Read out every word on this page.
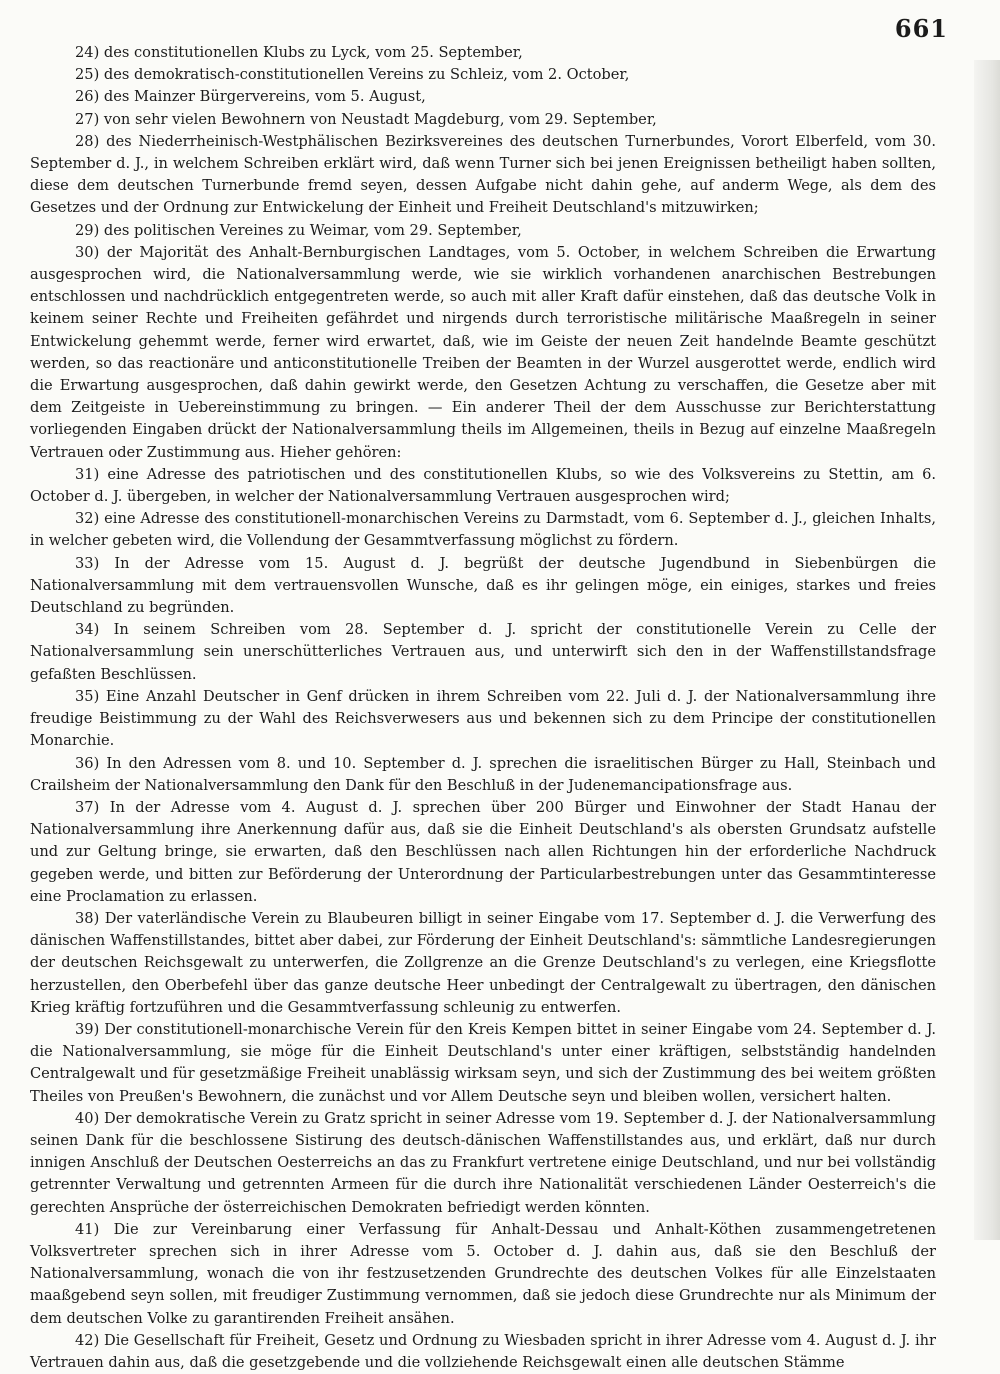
661

24) des constitutionellen Klubs zu Lyck, vom 25. September,

25) des demokratisch-constitutionellen Vereins zu Schleiz, vom 2. October,

26) des Mainzer Bürgervereins, vom 5. August,

27) von sehr vielen Bewohnern von Neustadt Magdeburg, vom 29. September,

28) des Niederrheinisch-Westphälischen Bezirksvereines des deutschen Turnerbundes, Vorort Elberfeld, vom 30. September d. J., in welchem Schreiben erklärt wird, daß wenn Turner sich bei jenen Ereignissen betheiligt haben sollten, diese dem deutschen Turnerbunde fremd seyen, dessen Aufgabe nicht dahin gehe, auf anderm Wege, als dem des Gesetzes und der Ordnung zur Entwickelung der Einheit und Freiheit Deutschland's mitzuwirken;

29) des politischen Vereines zu Weimar, vom 29. September,

30) der Majorität des Anhalt-Bernburgischen Landtages, vom 5. October, in welchem Schreiben die Erwartung ausgesprochen wird, die Nationalversammlung werde, wie sie wirklich vorhandenen anarchischen Bestrebungen entschlossen und nachdrücklich entgegentreten werde, so auch mit aller Kraft dafür einstehen, daß das deutsche Volk in keinem seiner Rechte und Freiheiten gefährdet und nirgends durch terroristische militärische Maaßregeln in seiner Entwickelung gehemmt werde, ferner wird erwartet, daß, wie im Geiste der neuen Zeit handelnde Beamte geschützt werden, so das reactionäre und anticonstitutionelle Treiben der Beamten in der Wurzel ausgerottet werde, endlich wird die Erwartung ausgesprochen, daß dahin gewirkt werde, den Gesetzen Achtung zu verschaffen, die Gesetze aber mit dem Zeitgeiste in Uebereinstimmung zu bringen. — Ein anderer Theil der dem Ausschusse zur Berichterstattung vorliegenden Eingaben drückt der Nationalversammlung theils im Allgemeinen, theils in Bezug auf einzelne Maaßregeln Vertrauen oder Zustimmung aus. Hieher gehören:

31) eine Adresse des patriotischen und des constitutionellen Klubs, so wie des Volksvereins zu Stettin, am 6. October d. J. übergeben, in welcher der Nationalversammlung Vertrauen ausgesprochen wird;

32) eine Adresse des constitutionell-monarchischen Vereins zu Darmstadt, vom 6. September d. J., gleichen Inhalts, in welcher gebeten wird, die Vollendung der Gesammtverfassung möglichst zu fördern.

33) In der Adresse vom 15. August d. J. begrüßt der deutsche Jugendbund in Siebenbürgen die Nationalversammlung mit dem vertrauensvollen Wunsche, daß es ihr gelingen möge, ein einiges, starkes und freies Deutschland zu begründen.

34) In seinem Schreiben vom 28. September d. J. spricht der constitutionelle Verein zu Celle der Nationalversammlung sein unerschütterliches Vertrauen aus, und unterwirft sich den in der Waffenstillstandsfrage gefaßten Beschlüssen.

35) Eine Anzahl Deutscher in Genf drücken in ihrem Schreiben vom 22. Juli d. J. der Nationalversammlung ihre freudige Beistimmung zu der Wahl des Reichsverwesers aus und bekennen sich zu dem Principe der constitutionellen Monarchie.

36) In den Adressen vom 8. und 10. September d. J. sprechen die israelitischen Bürger zu Hall, Steinbach und Crailsheim der Nationalversammlung den Dank für den Beschluß in der Judenemancipationsfrage aus.

37) In der Adresse vom 4. August d. J. sprechen über 200 Bürger und Einwohner der Stadt Hanau der Nationalversammlung ihre Anerkennung dafür aus, daß sie die Einheit Deutschland's als obersten Grundsatz aufstelle und zur Geltung bringe, sie erwarten, daß den Beschlüssen nach allen Richtungen hin der erforderliche Nachdruck gegeben werde, und bitten zur Beförderung der Unterordnung der Particularbestrebungen unter das Gesammtinteresse eine Proclamation zu erlassen.

38) Der vaterländische Verein zu Blaubeuren billigt in seiner Eingabe vom 17. September d. J. die Verwerfung des dänischen Waffenstillstandes, bittet aber dabei, zur Förderung der Einheit Deutschland's: sämmtliche Landesregierungen der deutschen Reichsgewalt zu unterwerfen, die Zollgrenze an die Grenze Deutschland's zu verlegen, eine Kriegsflotte herzustellen, den Oberbefehl über das ganze deutsche Heer unbedingt der Centralgewalt zu übertragen, den dänischen Krieg kräftig fortzuführen und die Gesammtverfassung schleunig zu entwerfen.

39) Der constitutionell-monarchische Verein für den Kreis Kempen bittet in seiner Eingabe vom 24. September d. J. die Nationalversammlung, sie möge für die Einheit Deutschland's unter einer kräftigen, selbstständig handelnden Centralgewalt und für gesetzmäßige Freiheit unablässig wirksam seyn, und sich der Zustimmung des bei weitem größten Theiles von Preußen's Bewohnern, die zunächst und vor Allem Deutsche seyn und bleiben wollen, versichert halten.

40) Der demokratische Verein zu Gratz spricht in seiner Adresse vom 19. September d. J. der Nationalversammlung seinen Dank für die beschlossene Sistirung des deutsch-dänischen Waffenstillstandes aus, und erklärt, daß nur durch innigen Anschluß der Deutschen Oesterreichs an das zu Frankfurt vertretene einige Deutschland, und nur bei vollständig getrennter Verwaltung und getrennten Armeen für die durch ihre Nationalität verschiedenen Länder Oesterreich's die gerechten Ansprüche der österreichischen Demokraten befriedigt werden könnten.

41) Die zur Vereinbarung einer Verfassung für Anhalt-Dessau und Anhalt-Köthen zusammengetretenen Volksvertreter sprechen sich in ihrer Adresse vom 5. October d. J. dahin aus, daß sie den Beschluß der Nationalversammlung, wonach die von ihr festzusetzenden Grundrechte des deutschen Volkes für alle Einzelstaaten maaßgebend seyn sollen, mit freudiger Zustimmung vernommen, daß sie jedoch diese Grundrechte nur als Minimum der dem deutschen Volke zu garantirenden Freiheit ansähen.

42) Die Gesellschaft für Freiheit, Gesetz und Ordnung zu Wiesbaden spricht in ihrer Adresse vom 4. August d. J. ihr Vertrauen dahin aus, daß die gesetzgebende und die vollziehende Reichsgewalt einen alle deutschen Stämme
